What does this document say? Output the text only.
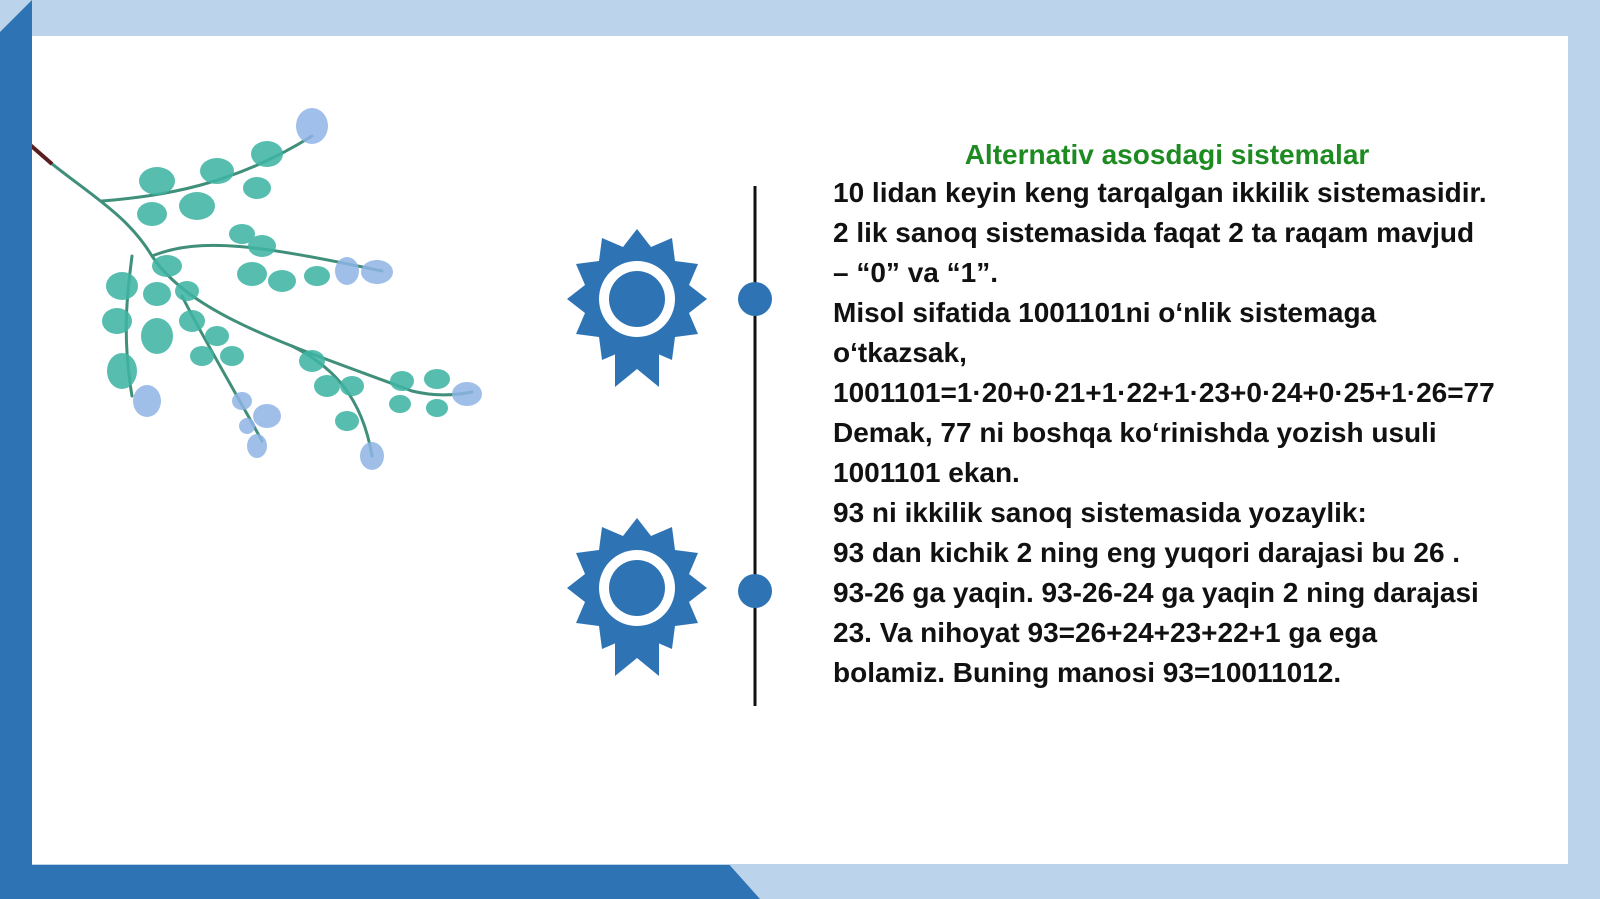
Alternativ asosdagi sistemalar

10 lidan keyin keng tarqalgan ikkilik sistemasidir. 2 lik sanoq sistemasida faqat 2 ta raqam mavjud – “0” va “1”.

Misol sifatida 1001101ni o‘nlik sistemaga o‘tkazsak,

1001101=1·20+0·21+1·22+1·23+0·24+0·25+1·26=77

Demak, 77 ni boshqa ko‘rinishda yozish usuli 1001101 ekan.

93 ni ikkilik sanoq sistemasida yozaylik:

93 dan kichik 2 ning eng yuqori darajasi bu 26 . 93-26 ga yaqin. 93-26-24 ga yaqin 2 ning darajasi 23. Va nihoyat 93=26+24+23+22+1 ga ega bolamiz. Buning manosi 93=10011012.
